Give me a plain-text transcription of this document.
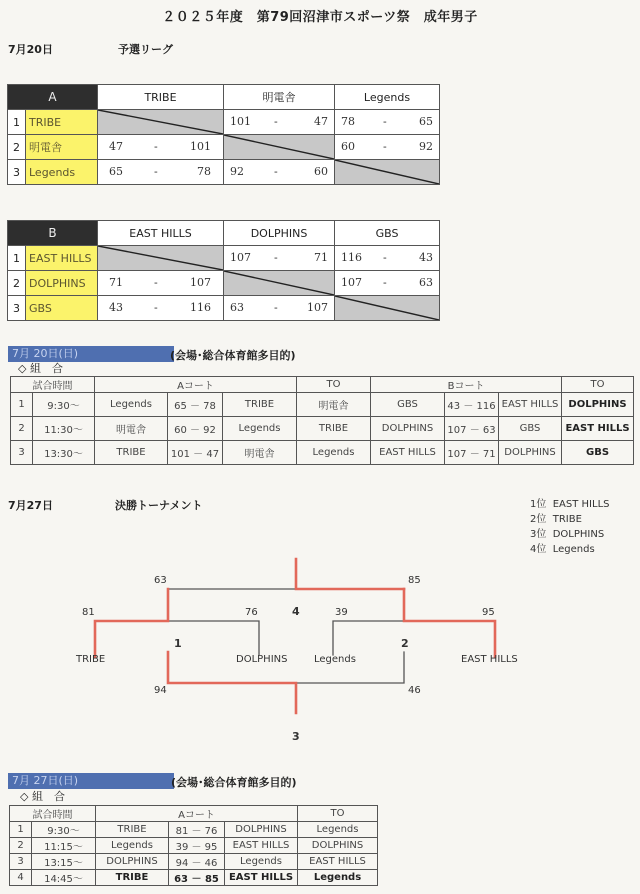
２０２５年度　第79回沼津市スポーツ祭　成年男子
7月20日	予選リーグ
A		TRIBE	明電舎	Legends
1	TRIBE		101 - 47	78 - 65

2	明電舎	47 - 101		60 - 92

3	Legends	65 - 78	92 - 60

B		EAST HILLS	DOLPHINS	GBS
1	EAST HILLS		107 - 71	116 - 43

2	DOLPHINS	71 - 107		107 - 63

3	GBS	43 - 116	63 - 107

7月 20日(日)	(会場･総合体育館多目的)
◇ 組　合
試合時間		Aコート			TO	Bコート			TO
1	9:30～	Legends	65 － 78	TRIBE	明電舎	GBS	43 － 116	EAST HILLS	DOLPHINS
2	11:30～	明電舎	60 － 92	Legends	TRIBE	DOLPHINS	107 － 63	GBS	EAST HILLS
3	13:30～	TRIBE	101 － 47	明電舎	Legends	EAST HILLS	107 － 71	DOLPHINS	GBS
7月27日	決勝トーナメント	1位 EAST HILLS
2位 TRIBE
3位 DOLPHINS
4位 Legends
TRIBE	DOLPHINS	Legends	EAST HILLS
81	76	39	95
63	85
94	46
1	2
4
3
7月 27日(日)	(会場･総合体育館多目的)
◇ 組　合
試合時間		Aコート			TO
1	9:30～	TRIBE	81 － 76	DOLPHINS	Legends
2	11:15～	Legends	39 － 95	EAST HILLS	DOLPHINS
3	13:15～	DOLPHINS	94 － 46	Legends	EAST HILLS
4	14:45～	TRIBE	63 － 85	EAST HILLS	Legends
